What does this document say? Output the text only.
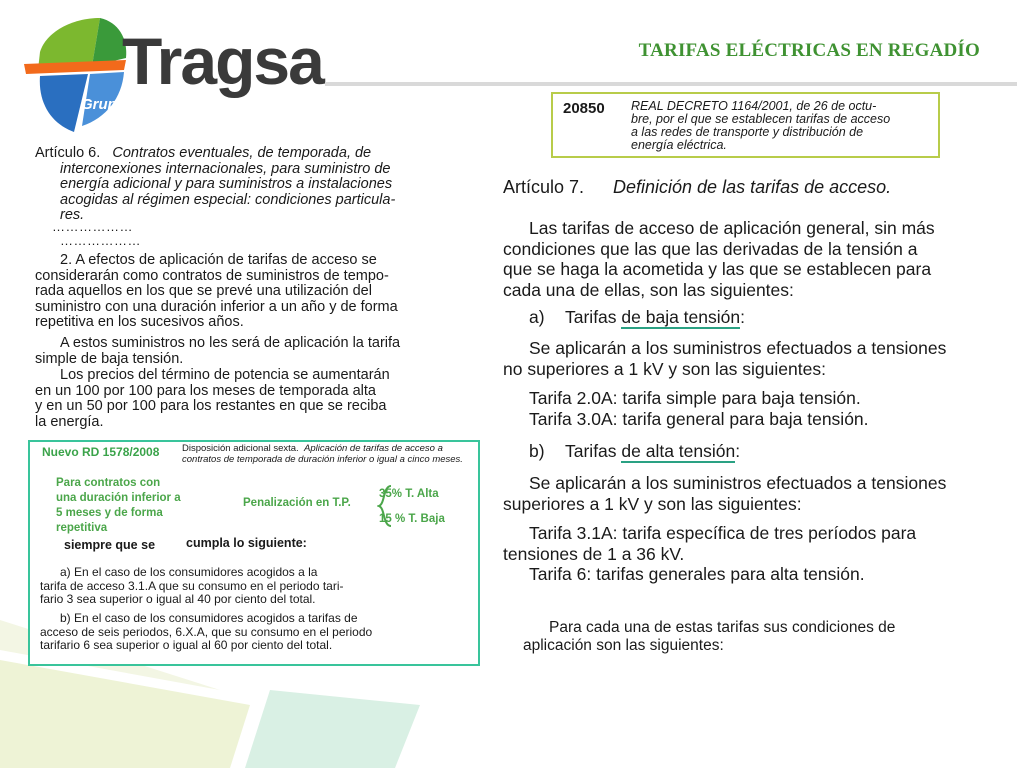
Tragsa
Grupo
TARIFAS ELÉCTRICAS EN REGADÍO
20850 REAL DECRETO 1164/2001, de 26 de octu-
bre, por el que se establecen tarifas de acceso
a las redes de transporte y distribución de
energía eléctrica.
Artículo 7. Definición de las tarifas de acceso.
Las tarifas de acceso de aplicación general, sin más
condiciones que las que las derivadas de la tensión a
que se haga la acometida y las que se establecen para
cada una de ellas, son las siguientes:
a) Tarifas de baja tensión:
Se aplicarán a los suministros efectuados a tensiones
no superiores a 1 kV y son las siguientes:
Tarifa 2.0A: tarifa simple para baja tensión.
Tarifa 3.0A: tarifa general para baja tensión.
b) Tarifas de alta tensión:
Se aplicarán a los suministros efectuados a tensiones
superiores a 1 kV y son las siguientes:
Tarifa 3.1A: tarifa específica de tres períodos para
tensiones de 1 a 36 kV.
Tarifa 6: tarifas generales para alta tensión.
Para cada una de estas tarifas sus condiciones de
aplicación son las siguientes:
Artículo 6. Contratos eventuales, de temporada, de
interconexiones internacionales, para suministro de
energía adicional y para suministros a instalaciones
acogidas al régimen especial: condiciones particula-
res.
………………
………………
2. A efectos de aplicación de tarifas de acceso se
considerarán como contratos de suministros de tempo-
rada aquellos en los que se prevé una utilización del
suministro con una duración inferior a un año y de forma
repetitiva en los sucesivos años.
A estos suministros no les será de aplicación la tarifa
simple de baja tensión.
Los precios del término de potencia se aumentarán
en un 100 por 100 para los meses de temporada alta
y en un 50 por 100 para los restantes en que se reciba
la energía.
Nuevo RD 1578/2008 Disposición adicional sexta. Aplicación de tarifas de acceso a contratos de temporada de duración inferior o igual a cinco meses.
Para contratos con
una duración inferior a
5 meses y de forma
repetitiva
Penalización en T.P.
35% T. Alta
15 % T. Baja
siempre que se cumpla lo siguiente:
a) En el caso de los consumidores acogidos a la
tarifa de acceso 3.1.A que su consumo en el periodo tari-
fario 3 sea superior o igual al 40 por ciento del total.
b) En el caso de los consumidores acogidos a tarifas de
acceso de seis periodos, 6.X.A, que su consumo en el periodo
tarifario 6 sea superior o igual al 60 por ciento del total.
